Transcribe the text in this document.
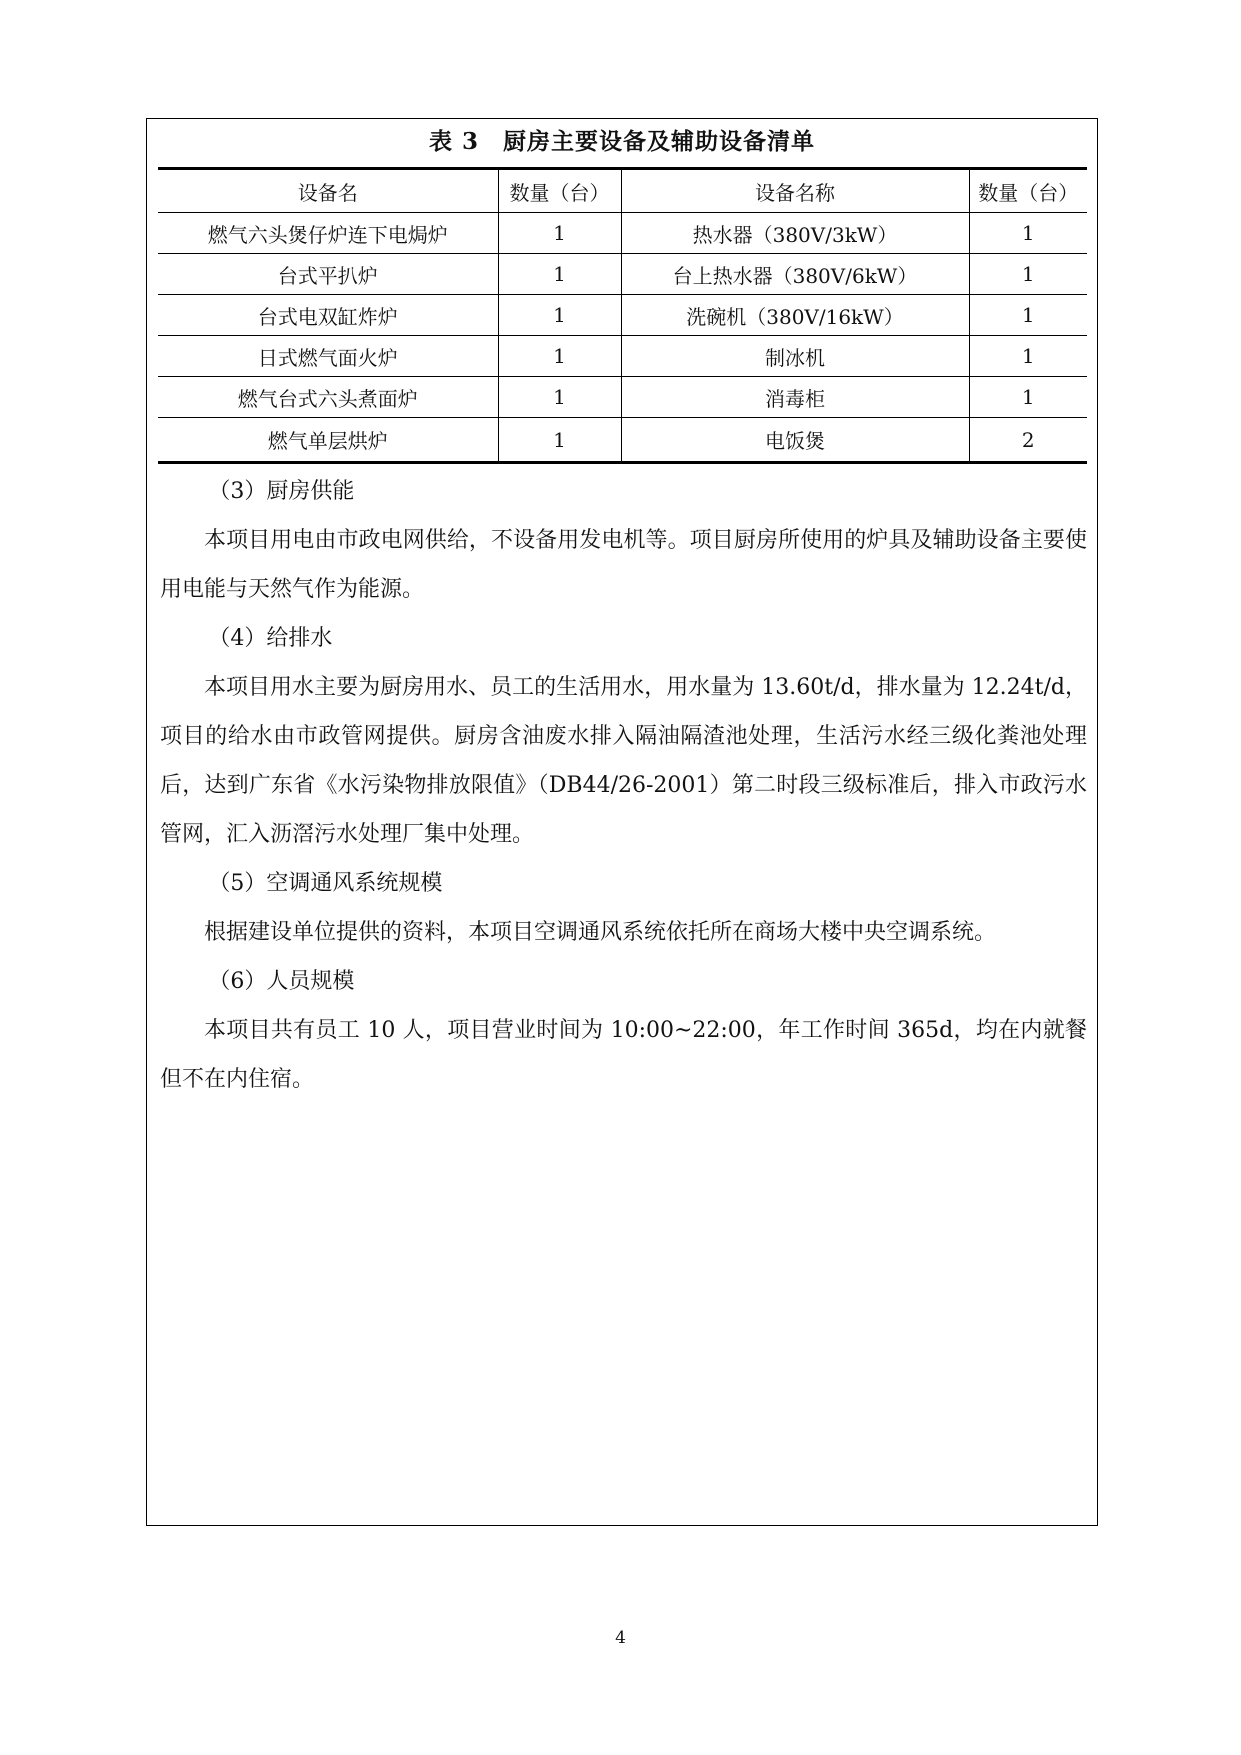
表 3　厨房主要设备及辅助设备清单
设备名	数量（台）	设备名称	数量（台）
燃气六头煲仔炉连下电焗炉	1	热水器（380V/3kW）	1
台式平扒炉	1	台上热水器（380V/6kW）	1
台式电双缸炸炉	1	洗碗机（380V/16kW）	1
日式燃气面火炉	1	制冰机	1
燃气台式六头煮面炉	1	消毒柜	1
燃气单层烘炉	1	电饭煲	2

（3）厨房供能

本项目用电由市政电网供给，不设备用发电机等。项目厨房所使用的炉具及辅助设备主要使用电能与天然气作为能源。

（4）给排水

本项目用水主要为厨房用水、员工的生活用水，用水量为 13.60t/d，排水量为 12.24t/d，项目的给水由市政管网提供。厨房含油废水排入隔油隔渣池处理，生活污水经三级化粪池处理后，达到广东省《水污染物排放限值》（DB44/26-2001）第二时段三级标准后，排入市政污水管网，汇入沥滘污水处理厂集中处理。

（5）空调通风系统规模

根据建设单位提供的资料，本项目空调通风系统依托所在商场大楼中央空调系统。

（6）人员规模

本项目共有员工 10 人，项目营业时间为 10:00~22:00，年工作时间 365d，均在内就餐但不在内住宿。

4
